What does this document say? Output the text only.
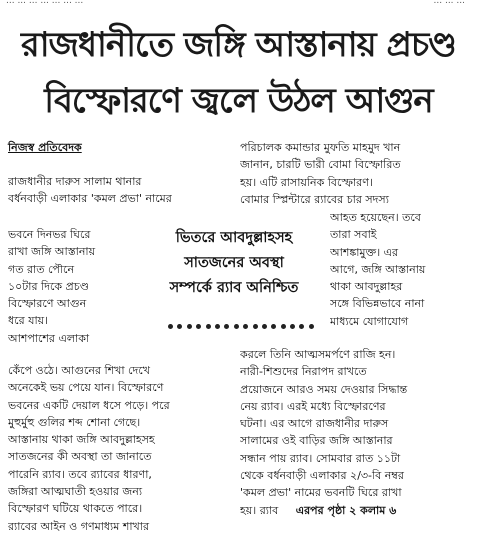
... ... ... ... ... ... ...	... ... ...
রাজধানীতে জঙ্গি আস্তানায় প্রচণ্ড
বিস্ফোরণে জ্বলে উঠল আগুন
নিজস্ব প্রতিবেদক

রাজধানীর দারুস সালাম থানার

বর্ধনবাড়ী এলাকার 'কমল প্রভা' নামের

ভবনে দিনভর ঘিরে

রাখা জঙ্গি আস্তানায়

গত রাত পৌনে

১০টার দিকে প্রচণ্ড

বিস্ফোরণে আগুন

ধরে যায়।

আশপাশের এলাকা

কেঁপে ওঠে। আগুনের শিখা দেখে

অনেকেই ভয় পেয়ে যান। বিস্ফোরণে

ভবনের একটি দেয়াল ধসে পড়ে। পরে

মুহুর্মুহু গুলির শব্দ শোনা গেছে।

আস্তানায় থাকা জঙ্গি আবদুল্লাহসহ

সাতজনের কী অবস্থা তা জানাতে

পারেনি র‌্যাব। তবে র‌্যাবের ধারণা,

জঙ্গিরা আত্মঘাতী হওয়ার জন্য

বিস্ফোরণ ঘটিয়ে থাকতে পারে।

র‌্যাবের আইন ও গণমাধ্যম শাখার

ভিতরে আবদুল্লাহসহ
সাতজনের অবস্থা
সম্পর্কে র‌্যাব অনিশ্চিত

পরিচালক কমান্ডার মুফতি মাহমুদ খান

জানান, চারটি ভারী বোমা বিস্ফোরিত

হয়। এটি রাসায়নিক বিস্ফোরণ।

বোমার স্প্লিন্টারে র‌্যাবের চার সদস্য

আহত হয়েছেন। তবে

তারা সবাই

আশঙ্কামুক্ত। এর

আগে, জঙ্গি আস্তানায়

থাকা আবদুল্লাহর

সঙ্গে বিভিন্নভাবে নানা

মাধ্যমে যোগাযোগ

করলে তিনি আত্মসমর্পণে রাজি হন।

নারী-শিশুদের নিরাপদ রাখতে

প্রয়োজনে আরও সময় দেওয়ার সিদ্ধান্ত

নেয় র‌্যাব। এরই মধ্যে বিস্ফোরণের

ঘটনা। এর আগে রাজধানীর দারুস

সালামের ওই বাড়ির জঙ্গি আস্তানার

সন্ধান পায় র‌্যাব। সোমবার রাত ১১টা

থেকে বর্ধনবাড়ী এলাকার ২/৩-বি নম্বর

'কমল প্রভা' নামের ভবনটি ঘিরে রাখা

হয়। র‌্যাব এরপর পৃষ্ঠা ২ কলাম ৬
